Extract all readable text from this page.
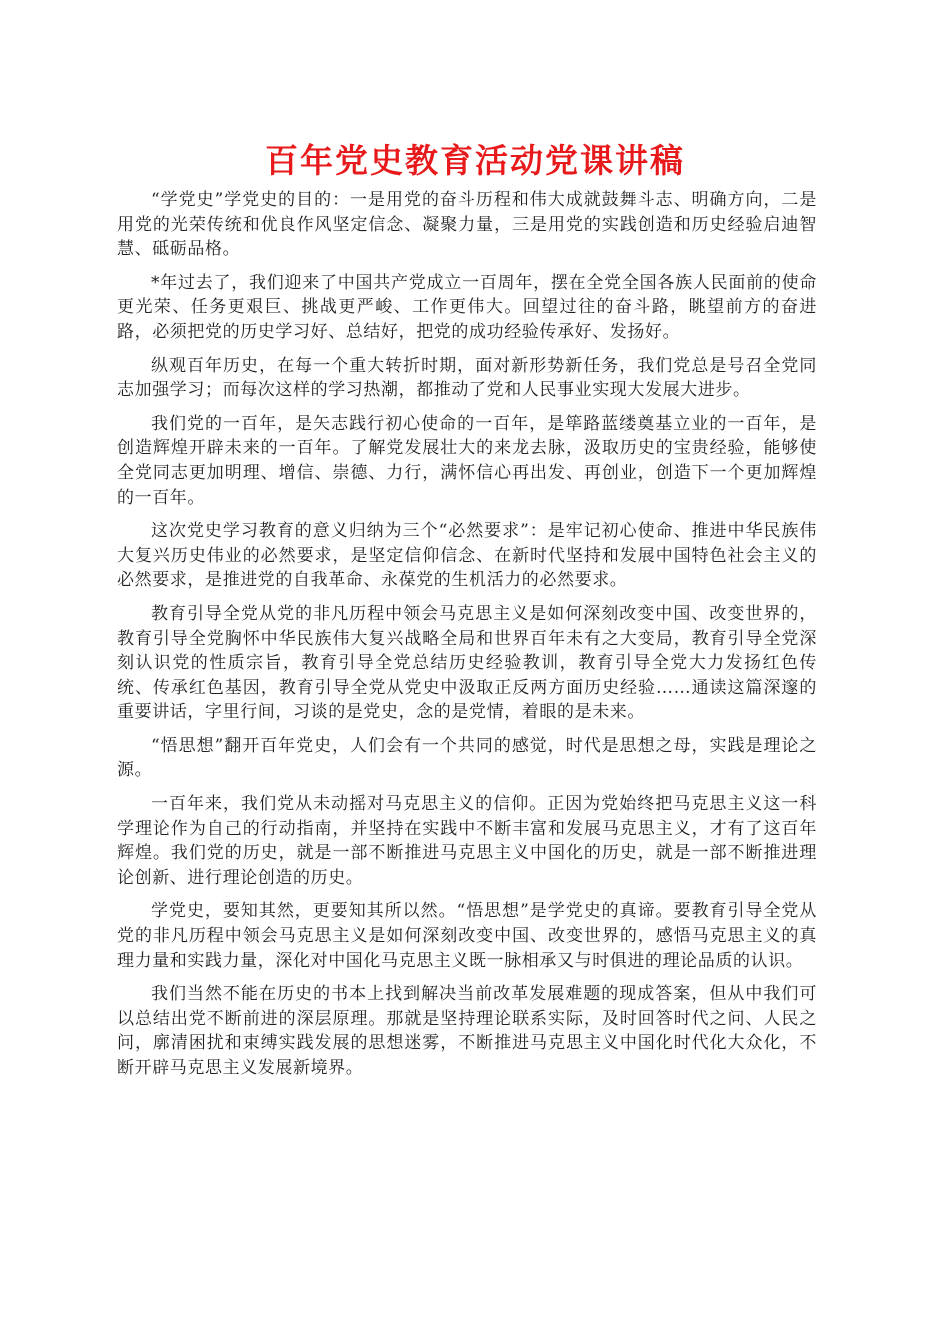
百年党史教育活动党课讲稿

“学党史”学党史的目的：一是用党的奋斗历程和伟大成就鼓舞斗志、明确方向，二是用党的光荣传统和优良作风坚定信念、凝聚力量，三是用党的实践创造和历史经验启迪智慧、砥砺品格。

*年过去了，我们迎来了中国共产党成立一百周年，摆在全党全国各族人民面前的使命更光荣、任务更艰巨、挑战更严峻、工作更伟大。回望过往的奋斗路，眺望前方的奋进路，必须把党的历史学习好、总结好，把党的成功经验传承好、发扬好。

纵观百年历史，在每一个重大转折时期，面对新形势新任务，我们党总是号召全党同志加强学习；而每次这样的学习热潮，都推动了党和人民事业实现大发展大进步。

我们党的一百年，是矢志践行初心使命的一百年，是筚路蓝缕奠基立业的一百年，是创造辉煌开辟未来的一百年。了解党发展壮大的来龙去脉，汲取历史的宝贵经验，能够使全党同志更加明理、增信、崇德、力行，满怀信心再出发、再创业，创造下一个更加辉煌的一百年。

这次党史学习教育的意义归纳为三个“必然要求”：是牢记初心使命、推进中华民族伟大复兴历史伟业的必然要求，是坚定信仰信念、在新时代坚持和发展中国特色社会主义的必然要求，是推进党的自我革命、永葆党的生机活力的必然要求。

教育引导全党从党的非凡历程中领会马克思主义是如何深刻改变中国、改变世界的，教育引导全党胸怀中华民族伟大复兴战略全局和世界百年未有之大变局，教育引导全党深刻认识党的性质宗旨，教育引导全党总结历史经验教训，教育引导全党大力发扬红色传统、传承红色基因，教育引导全党从党史中汲取正反两方面历史经验……通读这篇深邃的重要讲话，字里行间，习谈的是党史，念的是党情，着眼的是未来。

“悟思想”翻开百年党史，人们会有一个共同的感觉，时代是思想之母，实践是理论之源。

一百年来，我们党从未动摇对马克思主义的信仰。正因为党始终把马克思主义这一科学理论作为自己的行动指南，并坚持在实践中不断丰富和发展马克思主义，才有了这百年辉煌。我们党的历史，就是一部不断推进马克思主义中国化的历史，就是一部不断推进理论创新、进行理论创造的历史。

学党史，要知其然，更要知其所以然。“悟思想”是学党史的真谛。要教育引导全党从党的非凡历程中领会马克思主义是如何深刻改变中国、改变世界的，感悟马克思主义的真理力量和实践力量，深化对中国化马克思主义既一脉相承又与时俱进的理论品质的认识。

我们当然不能在历史的书本上找到解决当前改革发展难题的现成答案，但从中我们可以总结出党不断前进的深层原理。那就是坚持理论联系实际，及时回答时代之问、人民之问，廓清困扰和束缚实践发展的思想迷雾，不断推进马克思主义中国化时代化大众化，不断开辟马克思主义发展新境界。
